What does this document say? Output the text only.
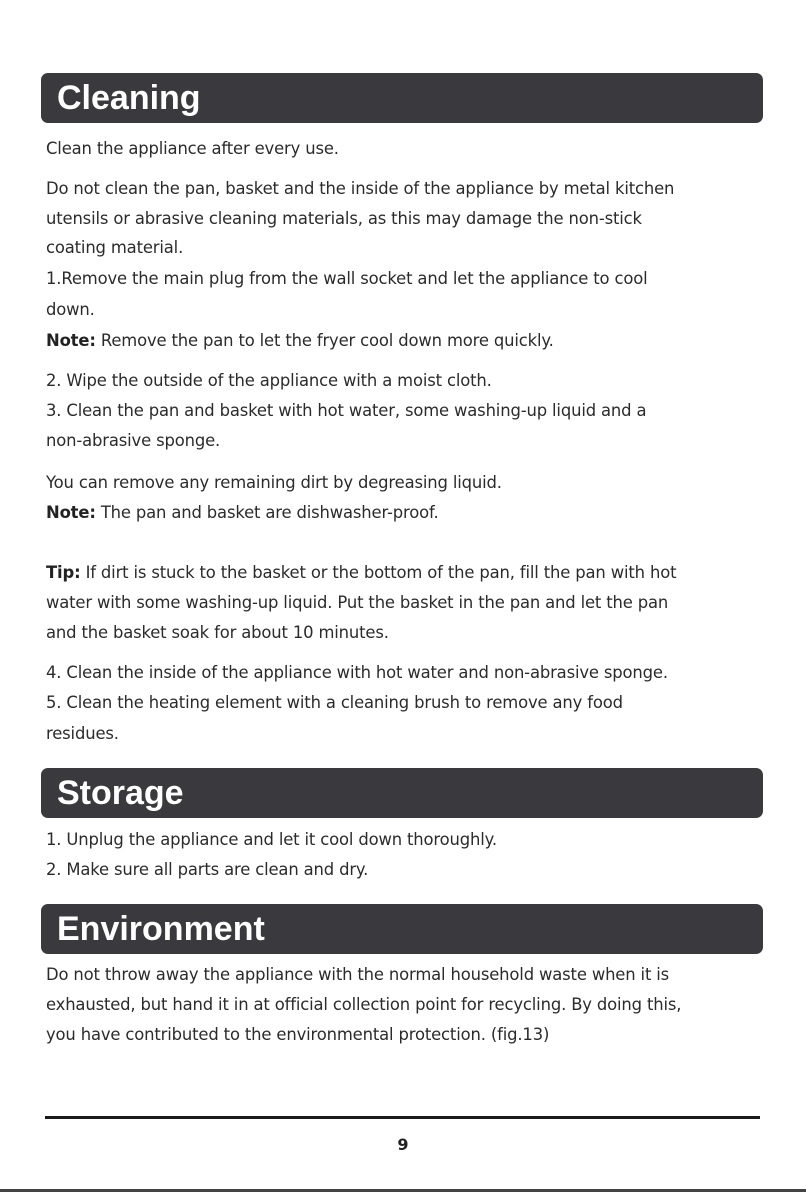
Cleaning
Clean the appliance after every use.
Do not clean the pan, basket and the inside of the appliance by metal kitchen
utensils or abrasive cleaning materials, as this may damage the non-stick
coating material.
1.Remove the main plug from the wall socket and let the appliance to cool
down.
Note: Remove the pan to let the fryer cool down more quickly.
2. Wipe the outside of the appliance with a moist cloth.
3. Clean the pan and basket with hot water, some washing-up liquid and a
non-abrasive sponge.
You can remove any remaining dirt by degreasing liquid.
Note: The pan and basket are dishwasher-proof.
Tip: If dirt is stuck to the basket or the bottom of the pan, fill the pan with hot
water with some washing-up liquid. Put the basket in the pan and let the pan
and the basket soak for about 10 minutes.
4. Clean the inside of the appliance with hot water and non-abrasive sponge.
5. Clean the heating element with a cleaning brush to remove any food
residues.
Storage
1. Unplug the appliance and let it cool down thoroughly.
2. Make sure all parts are clean and dry.
Environment
Do not throw away the appliance with the normal household waste when it is
exhausted, but hand it in at official collection point for recycling. By doing this,
you have contributed to the environmental protection. (fig.13)
9
